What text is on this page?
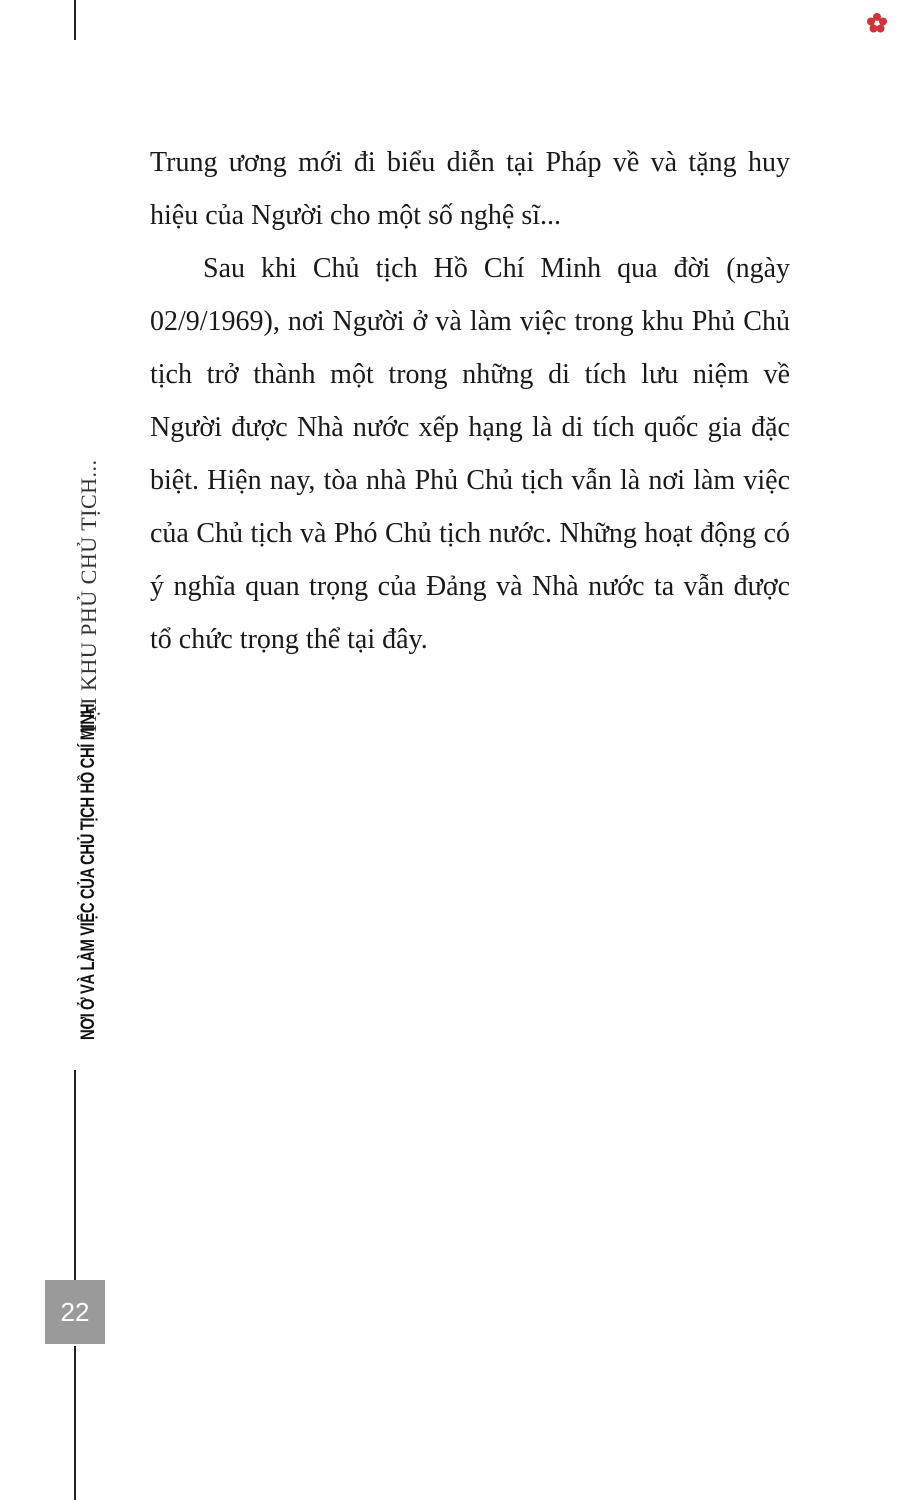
NƠI Ở VÀ LÀM VIỆC CỦA CHỦ TỊCH HỒ CHÍ MINH
TẠI KHU PHỦ CHỦ TỊCH...
22

Trung ương mới đi biểu diễn tại Pháp về và tặng huy hiệu của Người cho một số nghệ sĩ...

Sau khi Chủ tịch Hồ Chí Minh qua đời (ngày 02/9/1969), nơi Người ở và làm việc trong khu Phủ Chủ tịch trở thành một trong những di tích lưu niệm về Người được Nhà nước xếp hạng là di tích quốc gia đặc biệt. Hiện nay, tòa nhà Phủ Chủ tịch vẫn là nơi làm việc của Chủ tịch và Phó Chủ tịch nước. Những hoạt động có ý nghĩa quan trọng của Đảng và Nhà nước ta vẫn được tổ chức trọng thể tại đây.
